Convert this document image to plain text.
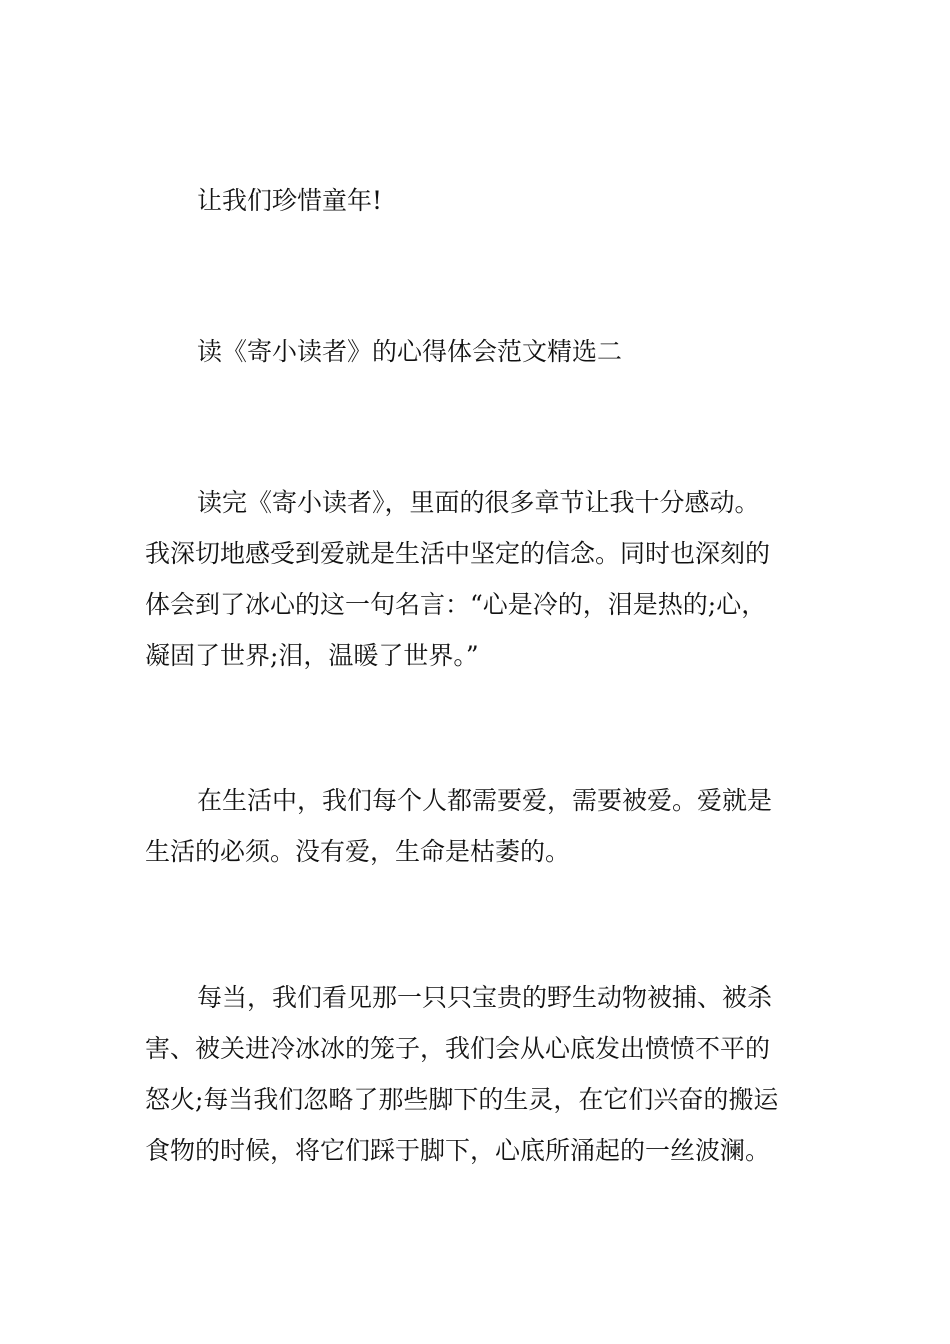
让我们珍惜童年!

读《寄小读者》的心得体会范文精选二

读完《寄小读者》，里面的很多章节让我十分感动。
我深切地感受到爱就是生活中坚定的信念。同时也深刻的
体会到了冰心的这一句名言：“心是冷的，泪是热的;心，
凝固了世界;泪，温暖了世界。”

在生活中，我们每个人都需要爱，需要被爱。爱就是
生活的必须。没有爱，生命是枯萎的。

每当，我们看见那一只只宝贵的野生动物被捕、被杀
害、被关进冷冰冰的笼子，我们会从心底发出愤愤不平的
怒火;每当我们忽略了那些脚下的生灵，在它们兴奋的搬运
食物的时候，将它们踩于脚下，心底所涌起的一丝波澜。
